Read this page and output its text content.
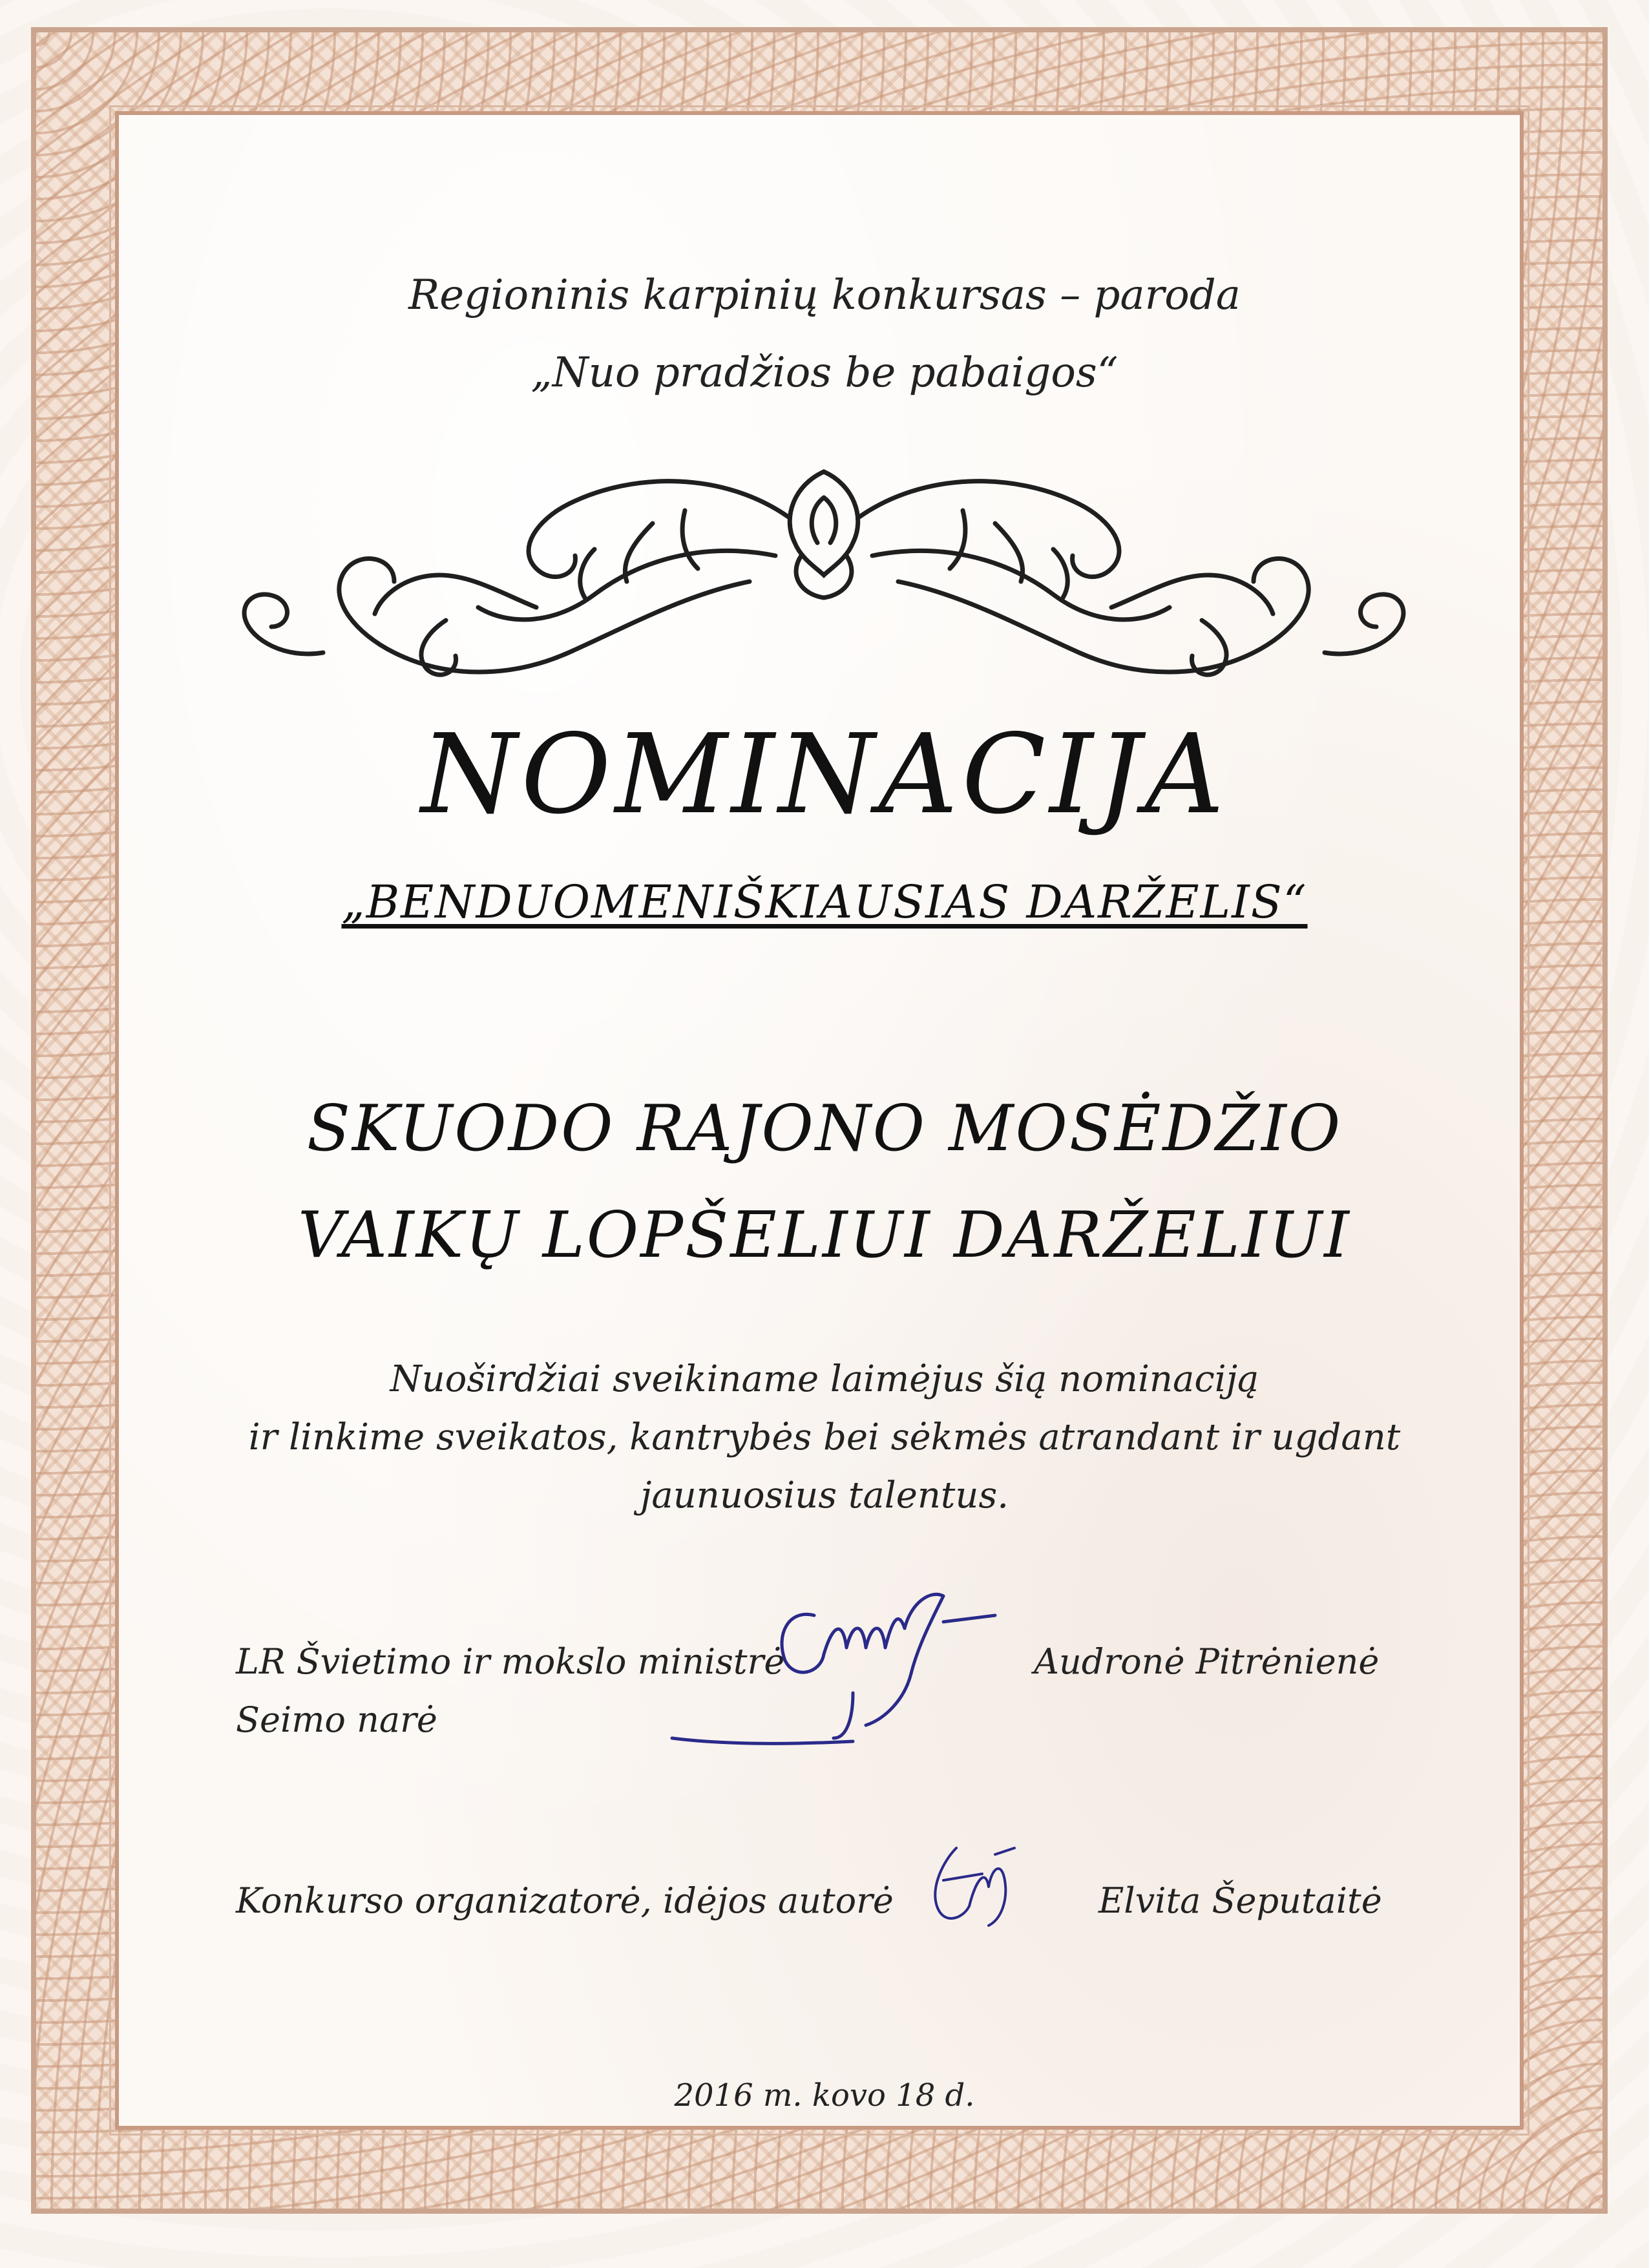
Regioninis karpinių konkursas – paroda
„Nuo pradžios be pabaigos“
NOMINACIJA
„BENDUOMENIŠKIAUSIAS DARŽELIS“
SKUODO RAJONO MOSĖDŽIO
VAIKŲ LOPŠELIUI DARŽELIUI
Nuoširdžiai sveikiname laimėjus šią nominaciją
ir linkime sveikatos, kantrybės bei sėkmės atrandant ir ugdant
jaunuosius talentus.
LR Švietimo ir mokslo ministrė
Seimo narė
Audronė Pitrėnienė
Konkurso organizatorė, idėjos autorė	Elvita Šeputaitė
2016 m. kovo 18 d.
